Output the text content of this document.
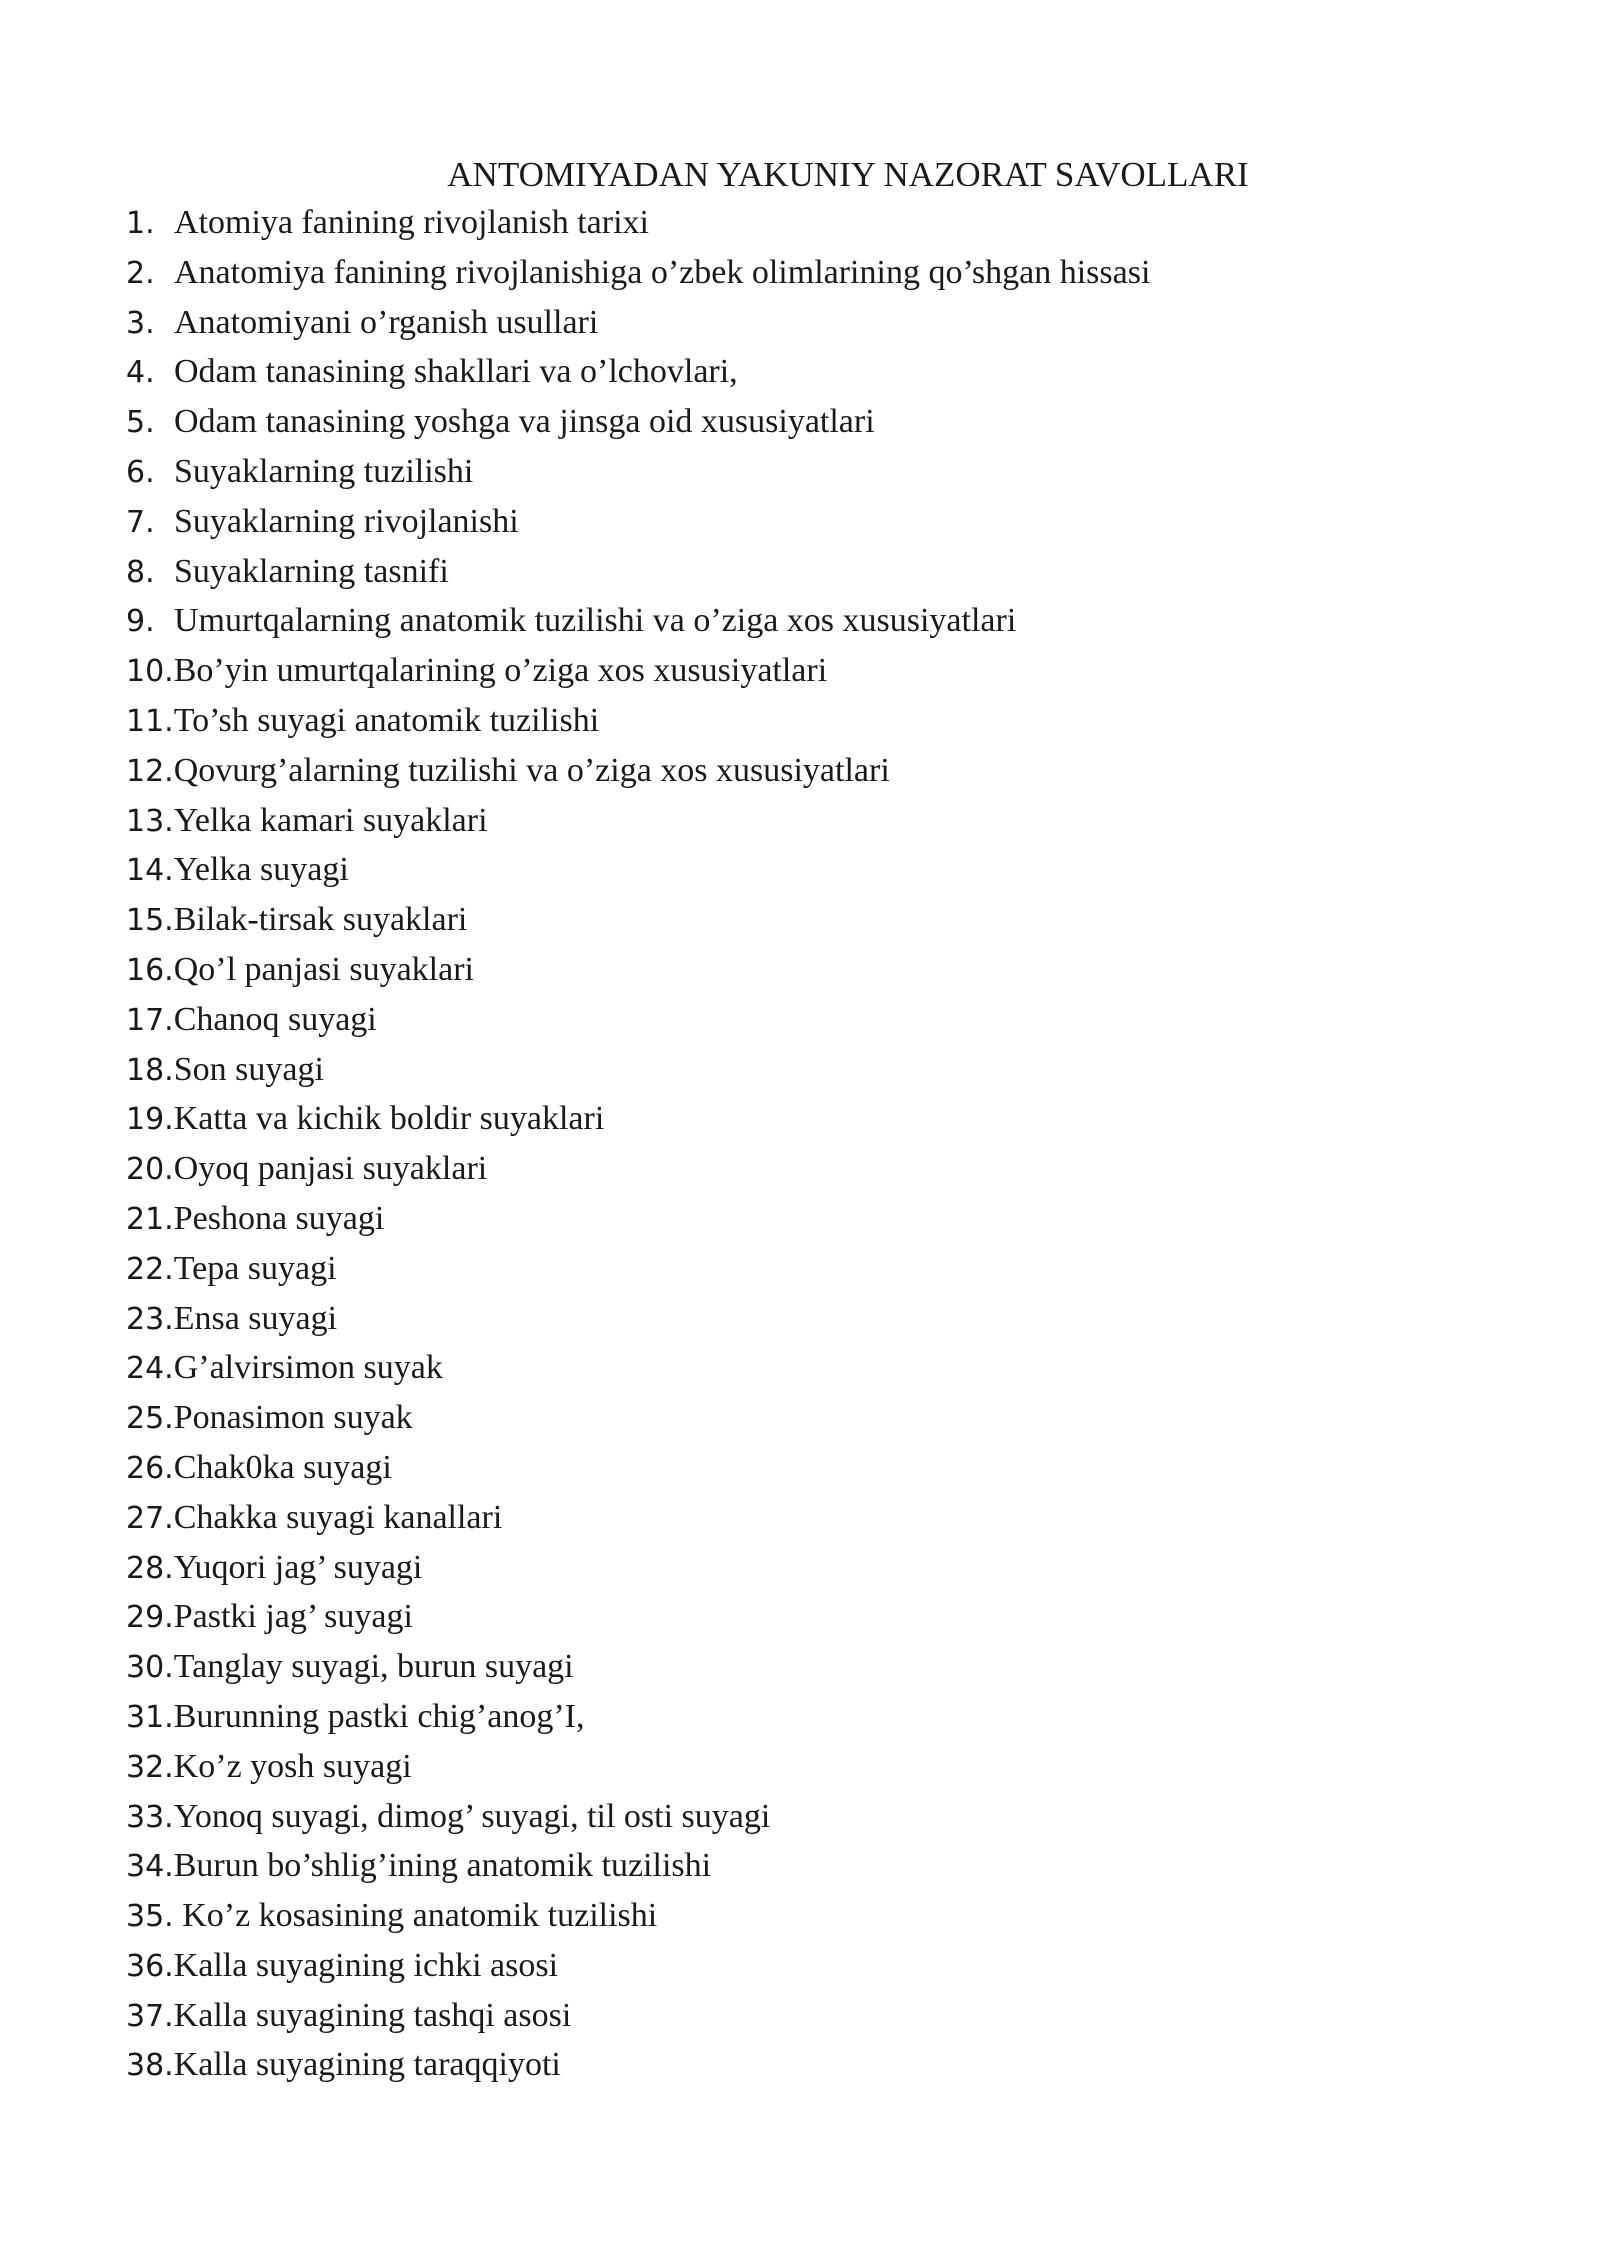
ANTOMIYADAN YAKUNIY NAZORAT SAVOLLARI
1. Atomiya fanining rivojlanish tarixi
2. Anatomiya fanining rivojlanishiga o’zbek olimlarining qo’shgan hissasi
3. Anatomiyani o’rganish usullari
4. Odam tanasining shakllari va o’lchovlari,
5. Odam tanasining yoshga va jinsga oid xususiyatlari
6. Suyaklarning tuzilishi
7. Suyaklarning rivojlanishi
8. Suyaklarning tasnifi
9. Umurtqalarning anatomik tuzilishi va o’ziga xos xususiyatlari
10.Bo’yin umurtqalarining o’ziga xos xususiyatlari
11.To’sh suyagi anatomik tuzilishi
12.Qovurg’alarning tuzilishi va o’ziga xos xususiyatlari
13.Yelka kamari suyaklari
14.Yelka suyagi
15.Bilak-tirsak suyaklari
16.Qo’l panjasi suyaklari
17.Chanoq suyagi
18.Son suyagi
19.Katta va kichik boldir suyaklari
20.Oyoq panjasi suyaklari
21.Peshona suyagi
22.Tepa suyagi
23.Ensa suyagi
24.G’alvirsimon suyak
25.Ponasimon suyak
26.Chak0ka suyagi
27.Chakka suyagi kanallari
28.Yuqori jag’ suyagi
29.Pastki jag’ suyagi
30.Tanglay suyagi, burun suyagi
31.Burunning pastki chig’anog’I,
32.Ko’z yosh suyagi
33.Yonoq suyagi, dimog’ suyagi, til osti suyagi
34.Burun bo’shlig’ining anatomik tuzilishi
35. Ko’z kosasining anatomik tuzilishi
36.Kalla suyagining ichki asosi
37.Kalla suyagining tashqi asosi
38.Kalla suyagining taraqqiyoti
